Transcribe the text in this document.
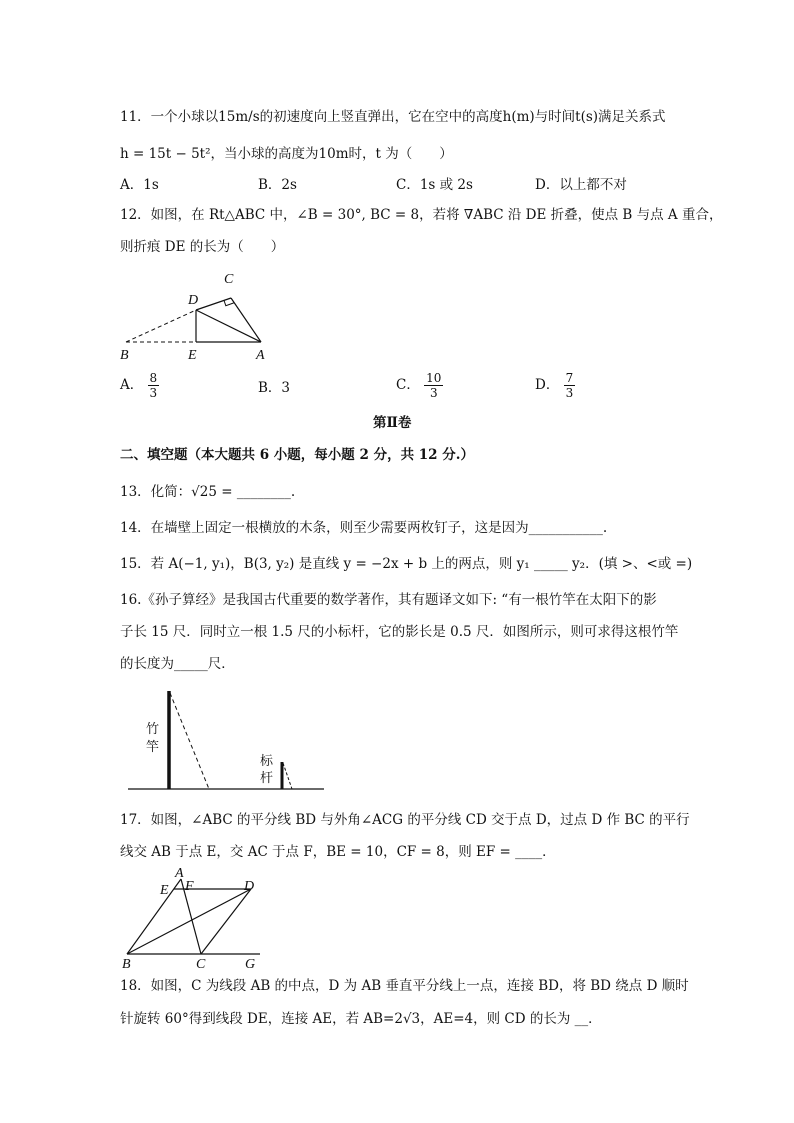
11．一个小球以15m/s的初速度向上竖直弹出，它在空中的高度h(m)与时间t(s)满足关系式
h = 15t − 5t²，当小球的高度为10m时，t 为（　　）
A．1s	B．2s	C．1s 或 2s	D．以上都不对
12．如图，在 Rt△ABC 中，∠B = 30°, BC = 8，若将 ∇ABC 沿 DE 折叠，使点 B 与点 A 重合，
则折痕 DE 的长为（　　）
C
D
B	E	A
A． $\frac{8}{3}$	B．3	C． $\frac{10}{3}$	D． $\frac{7}{3}$
第Ⅱ卷
二、填空题（本大题共 6 小题，每小题 2 分，共 12 分.）
13．化简：√25 = ________.
14．在墙壁上固定一根横放的木条，则至少需要两枚钉子，这是因为___________.
15．若 A(−1, y₁)，B(3, y₂) 是直线 y = −2x + b 上的两点，则 y₁ _____ y₂．(填 >、<或 =)
16.《孙子算经》是我国古代重要的数学著作，其有题译文如下: “有一根竹竿在太阳下的影
子长 15 尺．同时立一根 1.5 尺的小标杆，它的影长是 0.5 尺．如图所示，则可求得这根竹竿
的长度为_____尺．
竹
竿
标
杆
17．如图，∠ABC 的平分线 BD 与外角∠ACG 的平分线 CD 交于点 D，过点 D 作 BC 的平行
线交 AB 于点 E，交 AC 于点 F，BE = 10，CF = 8，则 EF = ____．
A
E F	D
B	C	G
18．如图，C 为线段 AB 的中点，D 为 AB 垂直平分线上一点，连接 BD，将 BD 绕点 D 顺时
针旋转 60°得到线段 DE，连接 AE，若 AB=2√3，AE=4，则 CD 的长为 __．
